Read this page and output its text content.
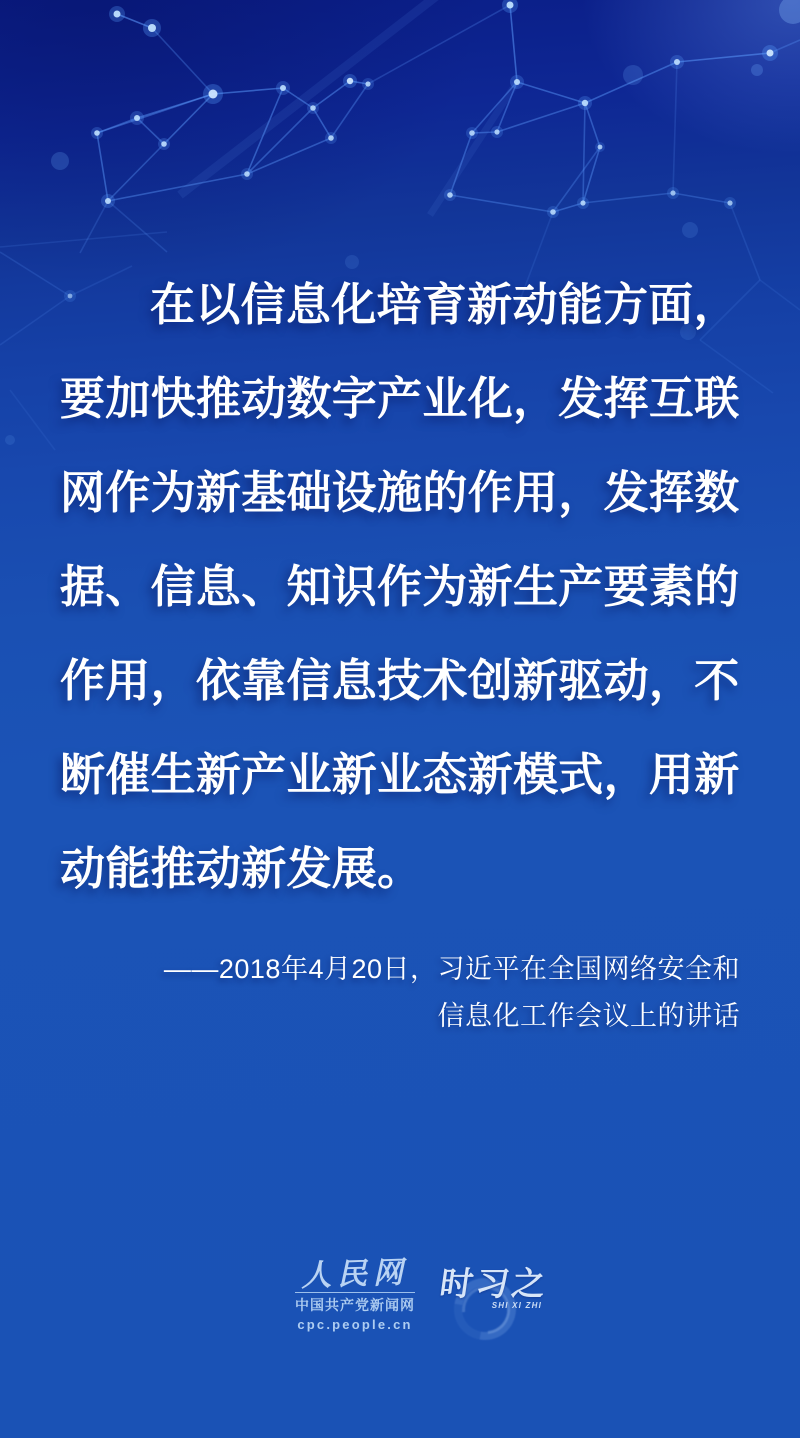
在以信息化培育新动能方面，
要加快推动数字产业化，发挥互联
网作为新基础设施的作用，发挥数
据、信息、知识作为新生产要素的
作用，依靠信息技术创新驱动，不
断催生新产业新业态新模式，用新
动能推动新发展。
——2018年4月20日，习近平在全国网络安全和
信息化工作会议上的讲话
人民网
中国共产党新闻网
cpc.people.cn
时习之
SHI XI ZHI
